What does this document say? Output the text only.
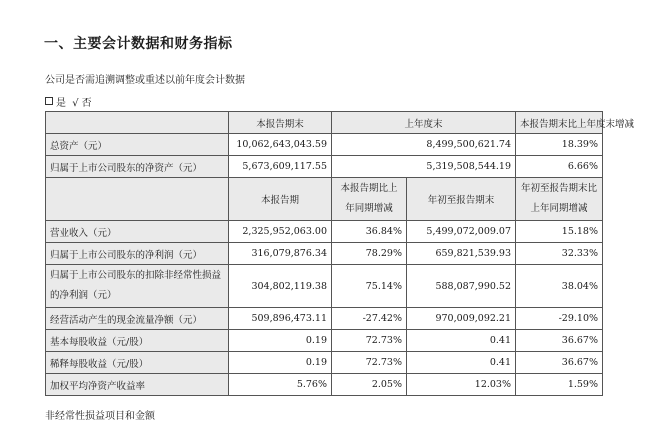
一、主要会计数据和财务指标
公司是否需追溯调整或重述以前年度会计数据
是 √ 否
	本报告期末	上年度末		本报告期末比上年度末增减
总资产（元）	10,062,643,043.59	8,499,500,621.74		18.39%
归属于上市公司股东的净资产（元）	5,673,609,117.55	5,319,508,544.19		6.66%
	本报告期	本报告期比上年同期增减	年初至报告期末	年初至报告期末比上年同期增减
营业收入（元）	2,325,952,063.00	36.84%	5,499,072,009.07	15.18%
归属于上市公司股东的净利润（元）	316,079,876.34	78.29%	659,821,539.93	32.33%
归属于上市公司股东的扣除非经常性损益的净利润（元）	304,802,119.38	75.14%	588,087,990.52	38.04%
经营活动产生的现金流量净额（元）	509,896,473.11	-27.42%	970,009,092.21	-29.10%
基本每股收益（元/股）	0.19	72.73%	0.41	36.67%
稀释每股收益（元/股）	0.19	72.73%	0.41	36.67%
加权平均净资产收益率	5.76%	2.05%	12.03%	1.59%
非经常性损益项目和金额
